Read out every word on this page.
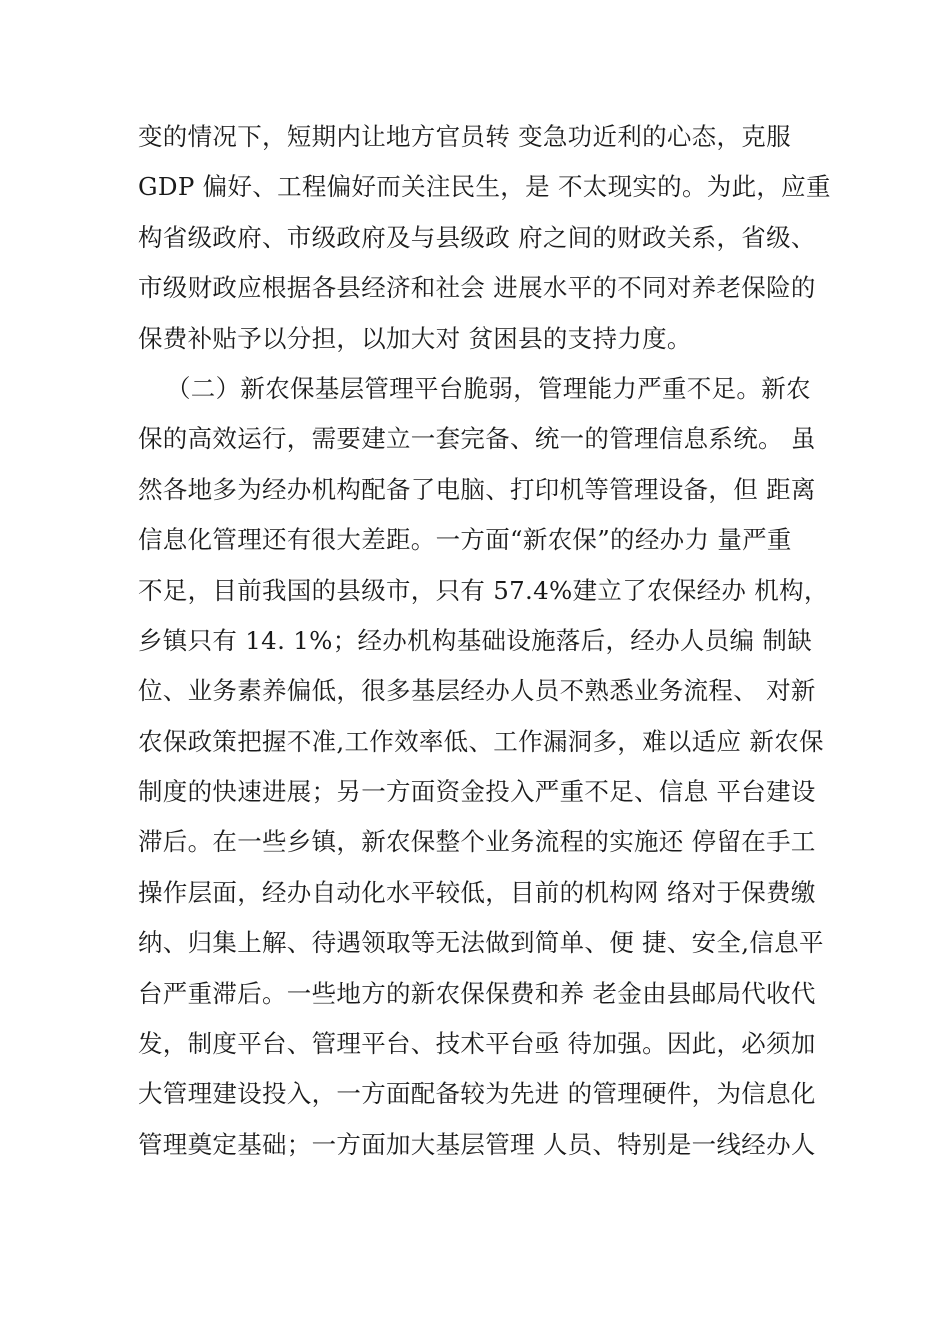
变的情况下，短期内让地方官员转 变急功近利的心态，克服
GDP 偏好、工程偏好而关注民生，是 不太现实的。为此，应重
构省级政府、市级政府及与县级政 府之间的财政关系，省级、
市级财政应根据各县经济和社会 进展水平的不同对养老保险的
保费补贴予以分担，以加大对 贫困县的支持力度。
（二）新农保基层管理平台脆弱，管理能力严重不足。新农
保的高效运行，需要建立一套完备、统一的管理信息系统。 虽
然各地多为经办机构配备了电脑、打印机等管理设备，但 距离
信息化管理还有很大差距。一方面“新农保”的经办力 量严重
不足，目前我国的县级市，只有 57.4%建立了农保经办 机构，
乡镇只有 14. 1%；经办机构基础设施落后，经办人员编 制缺
位、业务素养偏低，很多基层经办人员不熟悉业务流程、 对新
农保政策把握不准,工作效率低、工作漏洞多，难以适应 新农保
制度的快速进展；另一方面资金投入严重不足、信息 平台建设
滞后。在一些乡镇，新农保整个业务流程的实施还 停留在手工
操作层面，经办自动化水平较低，目前的机构网 络对于保费缴
纳、归集上解、待遇领取等无法做到简单、便 捷、安全,信息平
台严重滞后。一些地方的新农保保费和养 老金由县邮局代收代
发，制度平台、管理平台、技术平台亟 待加强。因此，必须加
大管理建设投入，一方面配备较为先进 的管理硬件，为信息化
管理奠定基础；一方面加大基层管理 人员、特别是一线经办人
